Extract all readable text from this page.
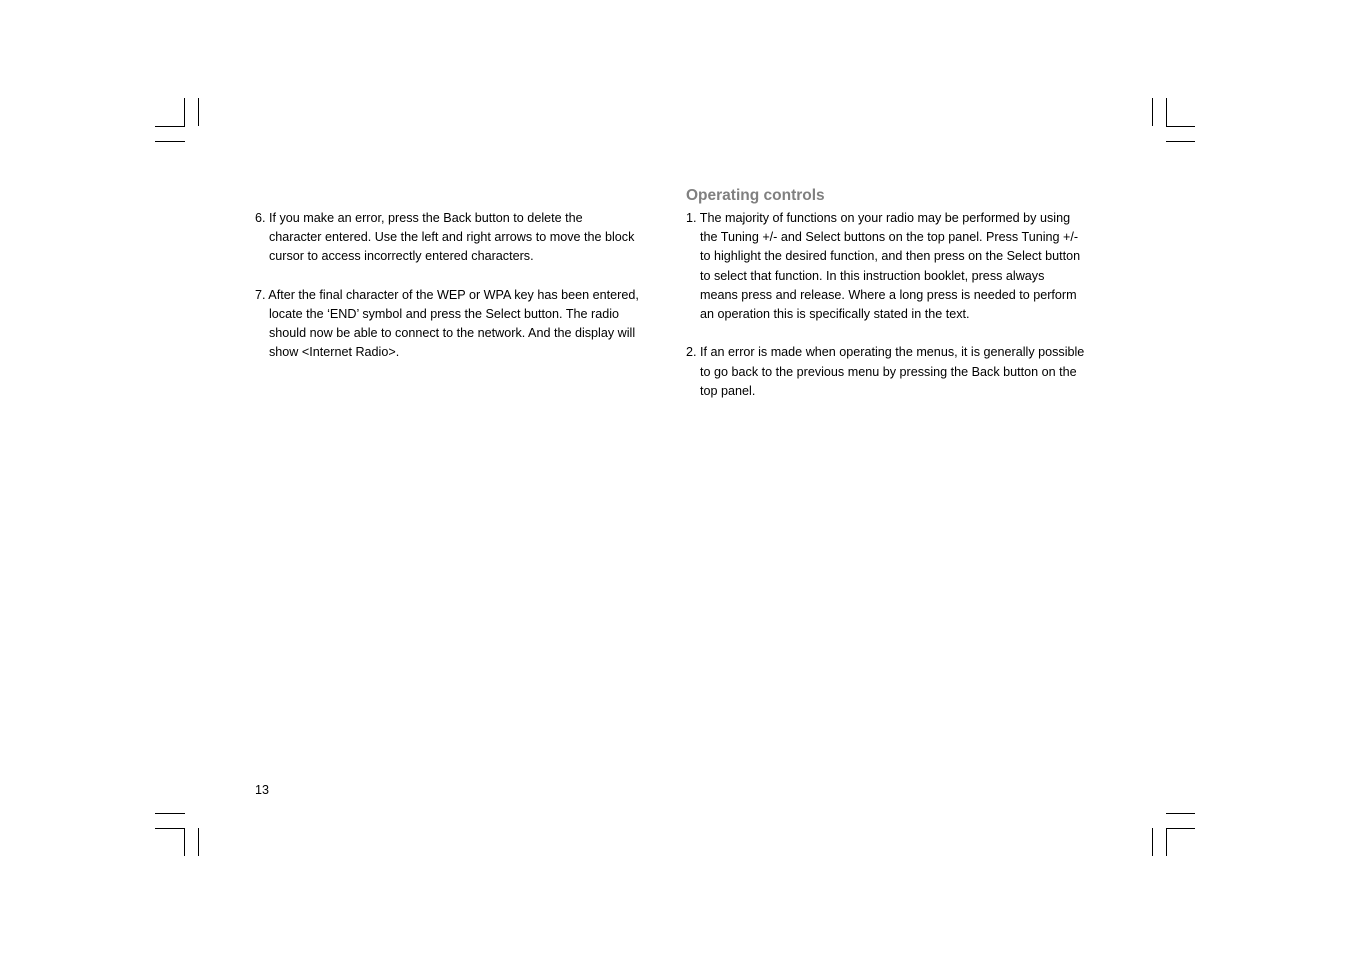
6. If you make an error, press the Back button to delete the
character entered. Use the left and right arrows to move the block
cursor to access incorrectly entered characters.
7. After the final character of the WEP or WPA key has been entered,
locate the ‘END’ symbol and press the Select button. The radio
should now be able to connect to the network. And the display will
show <Internet Radio>.
Operating controls
1. The majority of functions on your radio may be performed by using
the Tuning +/- and Select buttons on the top panel. Press Tuning +/-
to highlight the desired function, and then press on the Select button
to select that function. In this instruction booklet, press always
means press and release. Where a long press is needed to perform
an operation this is specifically stated in the text.
2. If an error is made when operating the menus, it is generally possible
to go back to the previous menu by pressing the Back button on the
top panel.
13
